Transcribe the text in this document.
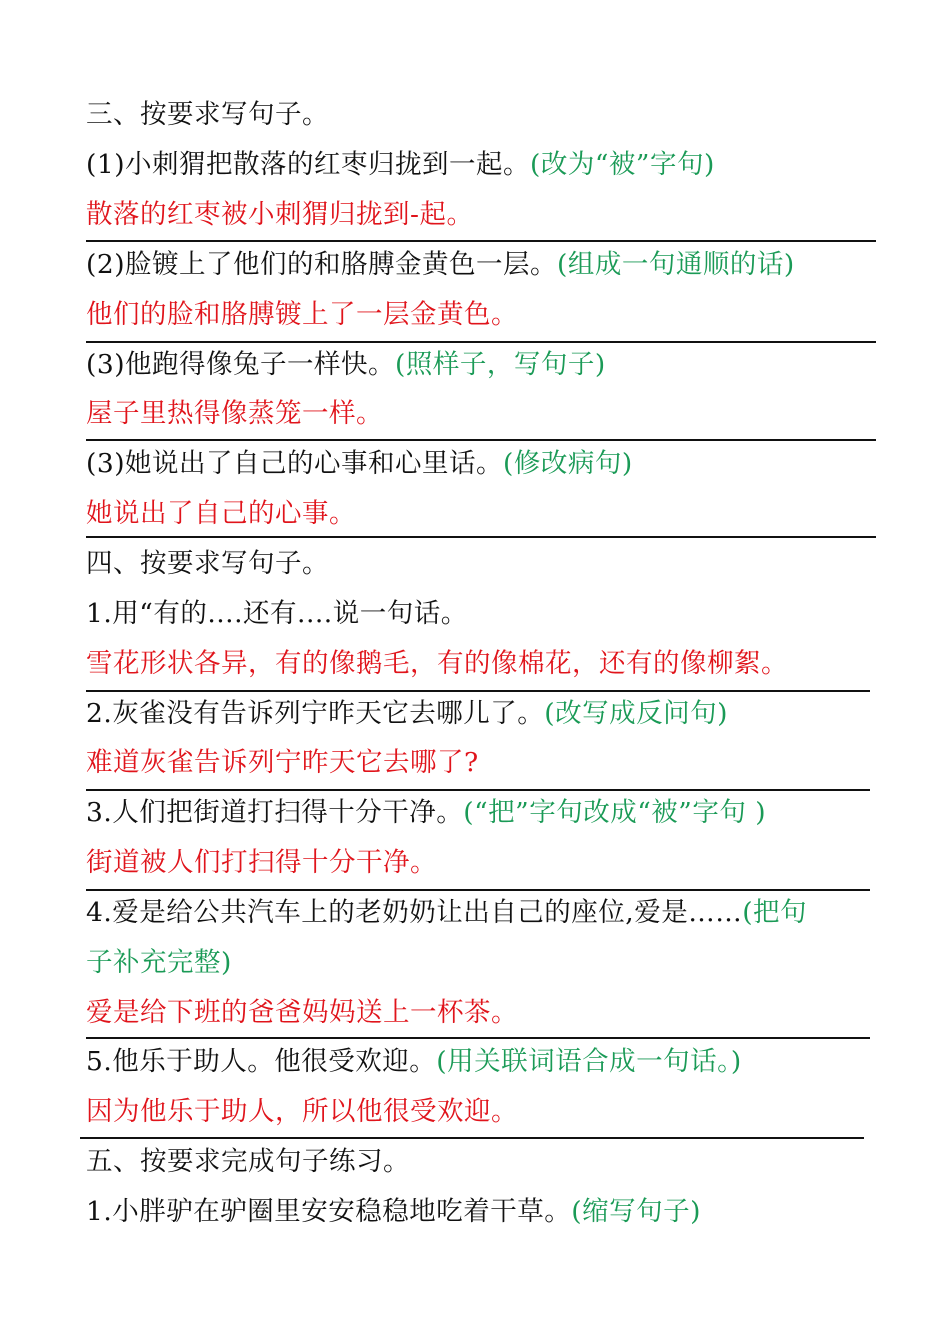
三、按要求写句子。
(1)小刺猬把散落的红枣归拢到一起。(改为“被”字句)
散落的红枣被小刺猬归拢到-起。
(2)脸镀上了他们的和胳膊金黄色一层。(组成一句通顺的话)
他们的脸和胳膊镀上了一层金黄色。
(3)他跑得像兔子一样快。(照样子，写句子)
屋子里热得像蒸笼一样。
(3)她说出了自己的心事和心里话。(修改病句)
她说出了自己的心事。
四、按要求写句子。
1.用“有的....还有....说一句话。
雪花形状各异，有的像鹅毛，有的像棉花，还有的像柳絮。
2.灰雀没有告诉列宁昨天它去哪儿了。(改写成反问句)
难道灰雀告诉列宁昨天它去哪了?
3.人们把街道打扫得十分干净。(“把”字句改成“被”字句 )
街道被人们打扫得十分干净。
4.爱是给公共汽车上的老奶奶让出自己的座位,爱是……(把句
子补充完整)
爱是给下班的爸爸妈妈送上一杯茶。
5.他乐于助人。他很受欢迎。(用关联词语合成一句话。)
因为他乐于助人，所以他很受欢迎。
五、按要求完成句子练习。
1.小胖驴在驴圈里安安稳稳地吃着干草。(缩写句子)
